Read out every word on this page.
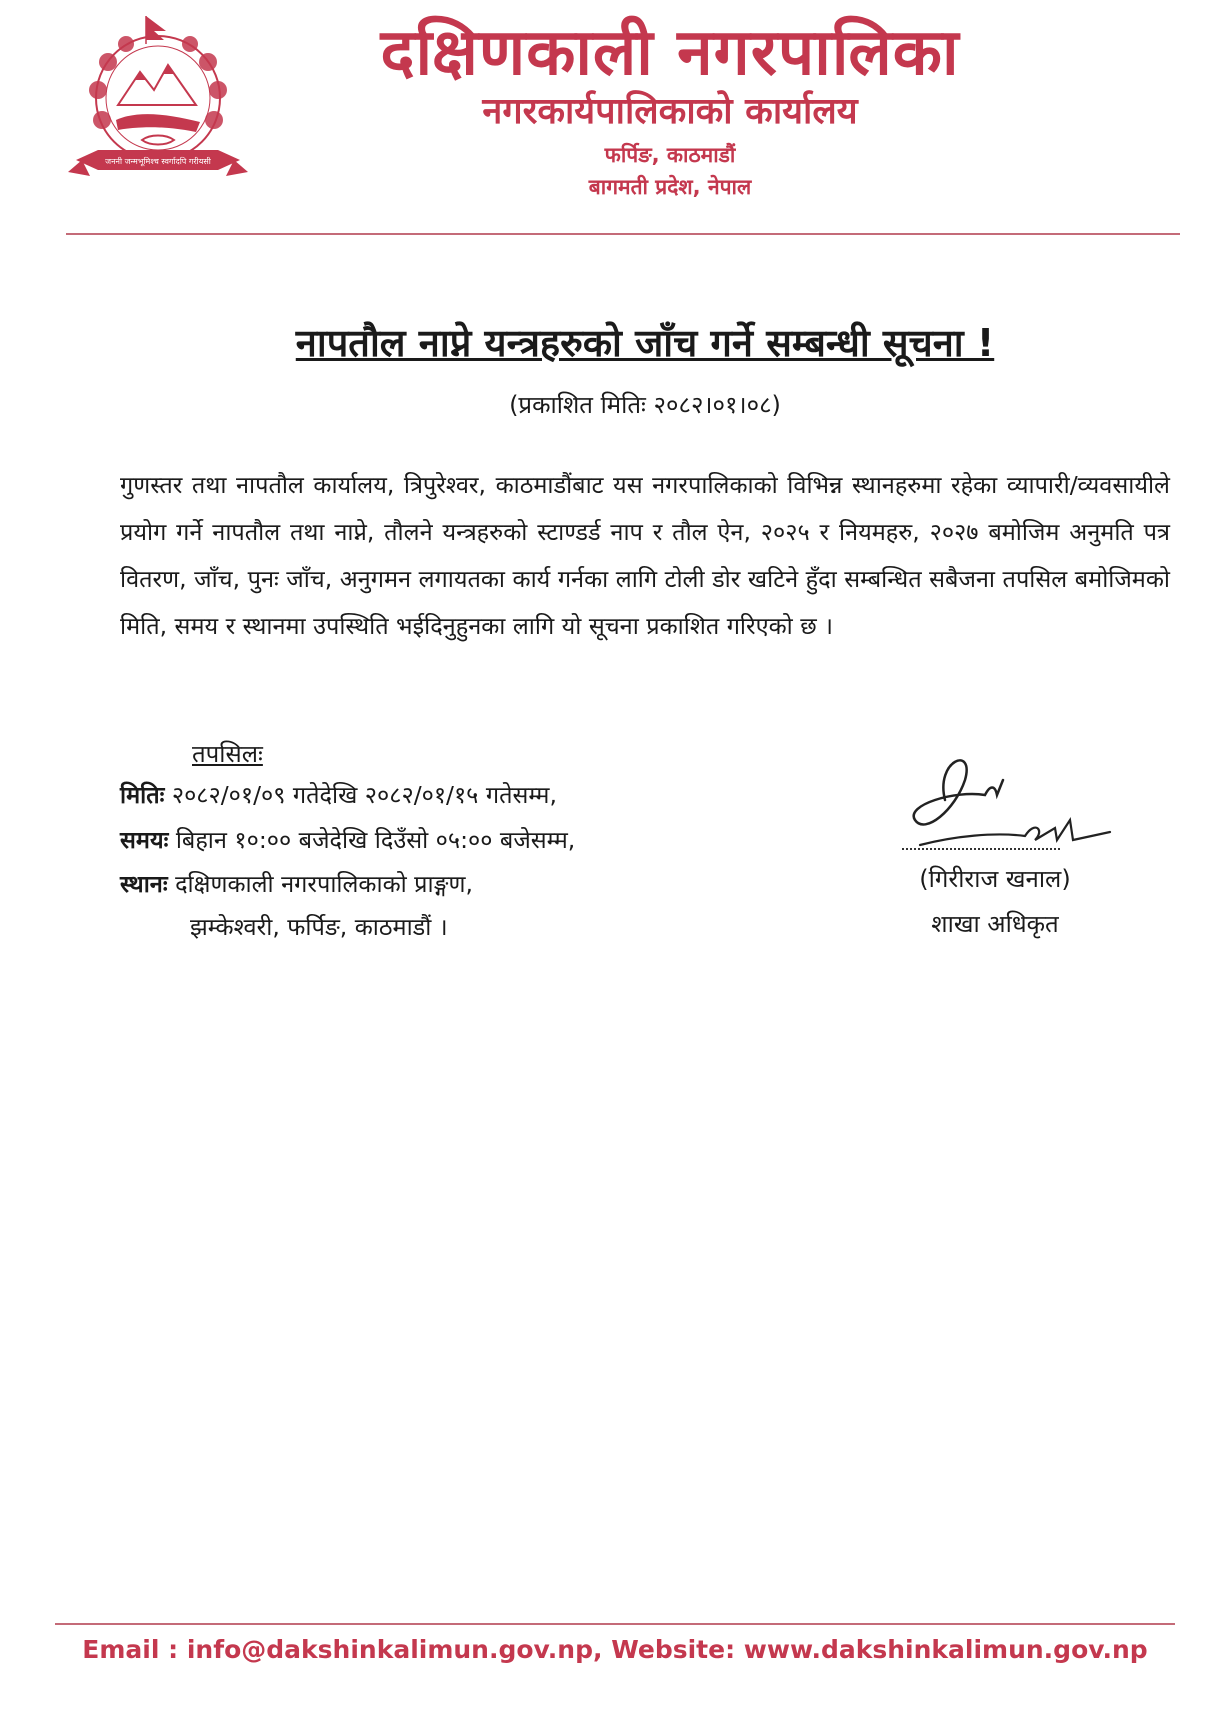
जननी जन्मभूमिश्च स्वर्गादपि गरीयसी
दक्षिणकाली नगरपालिका
नगरकार्यपालिकाको कार्यालय
फर्पिङ, काठमाडौं
बागमती प्रदेश, नेपाल
नापतौल नाप्ने यन्त्रहरुको जाँच गर्ने सम्बन्धी सूचना !
(प्रकाशित मितिः २०८२।०१।०८)
गुणस्तर तथा नापतौल कार्यालय, त्रिपुरेश्वर, काठमाडौंबाट यस नगरपालिकाको विभिन्न स्थानहरुमा रहेका व्यापारी/व्यवसायीले प्रयोग गर्ने नापतौल तथा नाप्ने, तौलने यन्त्रहरुको स्टाण्डर्ड नाप र तौल ऐन, २०२५ र नियमहरु, २०२७ बमोजिम अनुमति पत्र वितरण, जाँच, पुनः जाँच, अनुगमन लगायतका कार्य गर्नका लागि टोली डोर खटिने हुँदा सम्बन्धित सबैजना तपसिल बमोजिमको मिति, समय र स्थानमा उपस्थिति भईदिनुहुनका लागि यो सूचना प्रकाशित गरिएको छ ।
तपसिलः
मितिः २०८२/०१/०९ गतेदेखि २०८२/०१/१५ गतेसम्म,
समयः बिहान १०:०० बजेदेखि दिउँसो ०५:०० बजेसम्म,
स्थानः दक्षिणकाली नगरपालिकाको प्राङ्गण,
झम्केश्वरी, फर्पिङ, काठमाडौं ।
(गिरीराज खनाल)
शाखा अधिकृत
Email : info@dakshinkalimun.gov.np, Website: www.dakshinkalimun.gov.np
